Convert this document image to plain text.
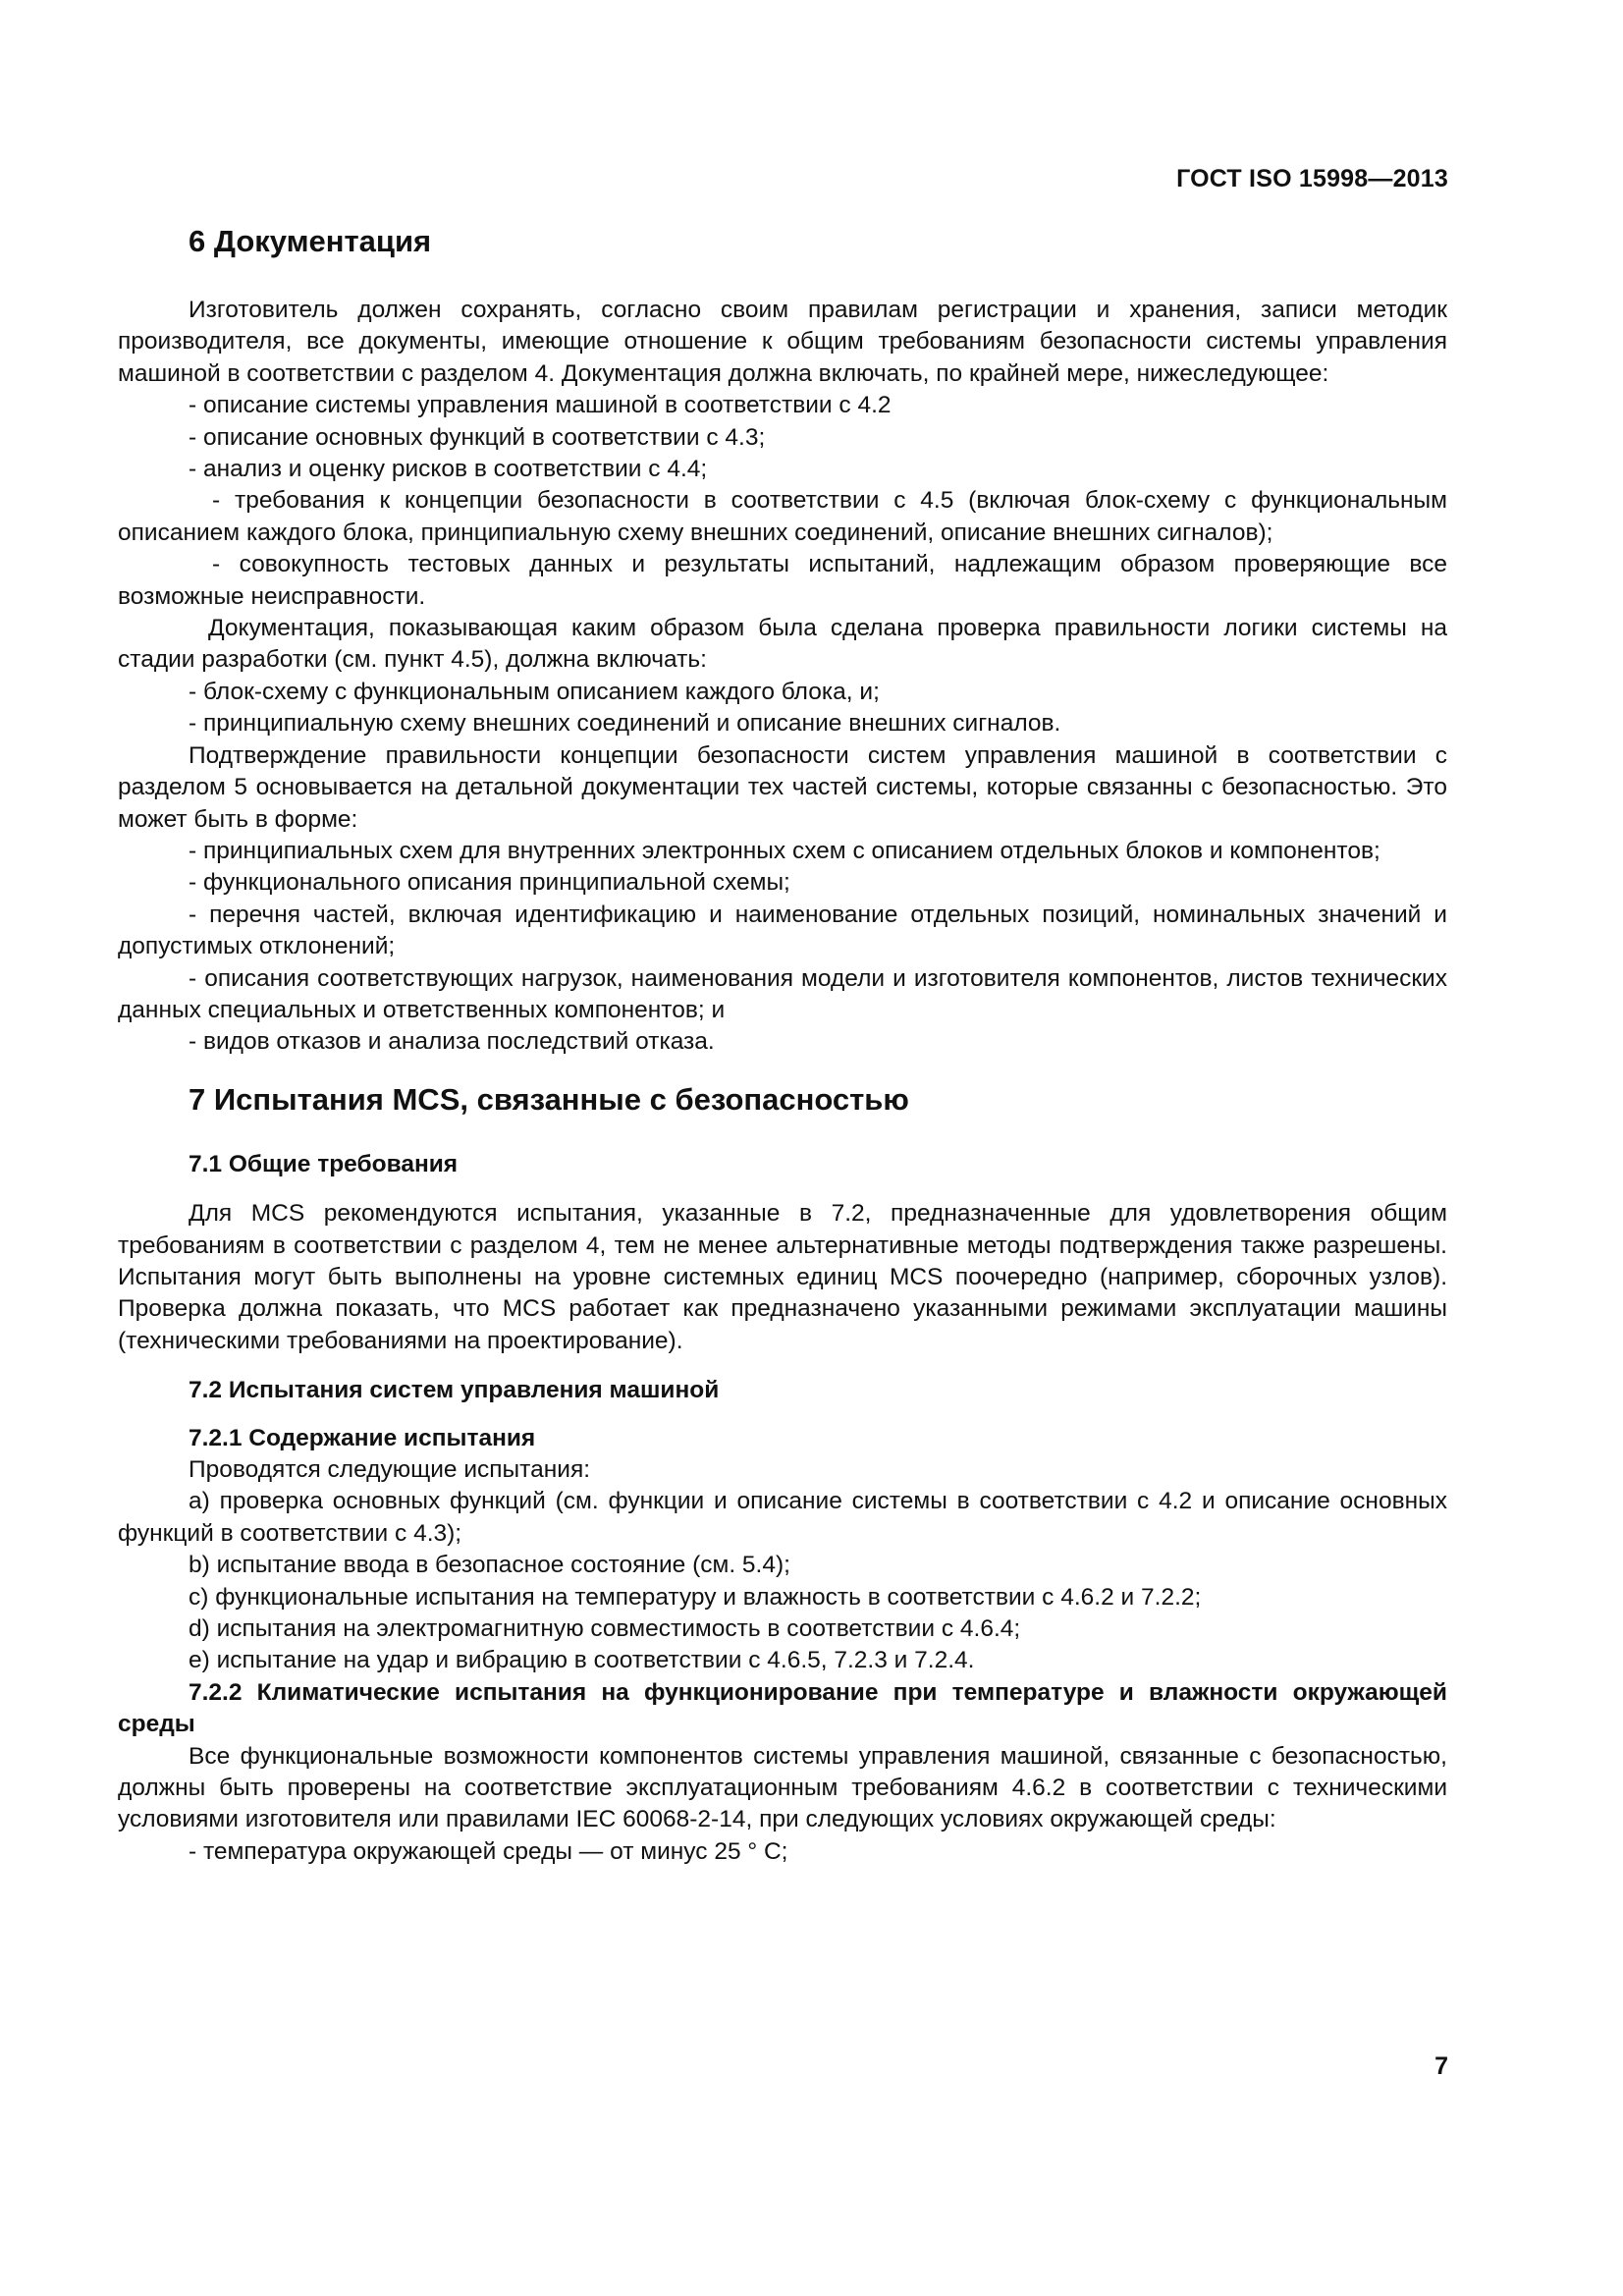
ГОСТ ISO 15998—2013
6 Документация

Изготовитель должен сохранять, согласно своим правилам регистрации и хранения, записи методик производителя, все документы, имеющие отношение к общим требованиям безопасности системы управления машиной в соответствии с разделом 4. Документация должна включать, по крайней мере, нижеследующее:

- описание системы управления машиной в соответствии с 4.2

- описание основных функций в соответствии с 4.3;

- анализ и оценку рисков в соответствии с 4.4;

- требования к концепции безопасности в соответствии с 4.5 (включая блок-схему с функциональным описанием каждого блока, принципиальную схему внешних соединений, описание внешних сигналов);

- совокупность тестовых данных и результаты испытаний, надлежащим образом проверяющие все возможные неисправности.

Документация, показывающая каким образом была сделана проверка правильности логики системы на стадии разработки (см. пункт 4.5), должна включать:

- блок-схему с функциональным описанием каждого блока, и;

- принципиальную схему внешних соединений и описание внешних сигналов.

Подтверждение правильности концепции безопасности систем управления машиной в соответствии с разделом 5 основывается на детальной документации тех частей системы, которые связанны с безопасностью. Это может быть в форме:

- принципиальных схем для внутренних электронных схем с описанием отдельных блоков и компонентов;

- функционального описания принципиальной схемы;

- перечня частей, включая идентификацию и наименование отдельных позиций, номинальных значений и допустимых отклонений;

- описания соответствующих нагрузок, наименования модели и изготовителя компонентов, листов технических данных специальных и ответственных компонентов; и

- видов отказов и анализа последствий отказа.

7 Испытания MCS, связанные с безопасностью
7.1 Общие требования

Для MCS рекомендуются испытания, указанные в 7.2, предназначенные для удовлетворения общим требованиям в соответствии с разделом 4, тем не менее альтернативные методы подтверждения также разрешены. Испытания могут быть выполнены на уровне системных единиц MCS поочередно (например, сборочных узлов). Проверка должна показать, что MCS работает как предназначено указанными режимами эксплуатации машины (техническими требованиями на проектирование).

7.2 Испытания систем управления машиной

7.2.1 Содержание испытания

Проводятся следующие испытания:

а) проверка основных функций (см. функции и описание системы в соответствии с 4.2 и описание основных функций в соответствии с 4.3);

b) испытание ввода в безопасное состояние (см. 5.4);

c) функциональные испытания на температуру и влажность в соответствии с 4.6.2 и 7.2.2;

d) испытания на электромагнитную совместимость в соответствии с 4.6.4;

e) испытание на удар и вибрацию в соответствии с 4.6.5, 7.2.3 и 7.2.4.

7.2.2 Климатические испытания на функционирование при температуре и влажности окружающей среды

Все функциональные возможности компонентов системы управления машиной, связанные с безопасностью, должны быть проверены на соответствие эксплуатационным требованиям 4.6.2 в соответствии с техническими условиями изготовителя или правилами IEC 60068-2-14, при следующих условиях окружающей среды:

- температура окружающей среды — от минус 25 ° С;

7
